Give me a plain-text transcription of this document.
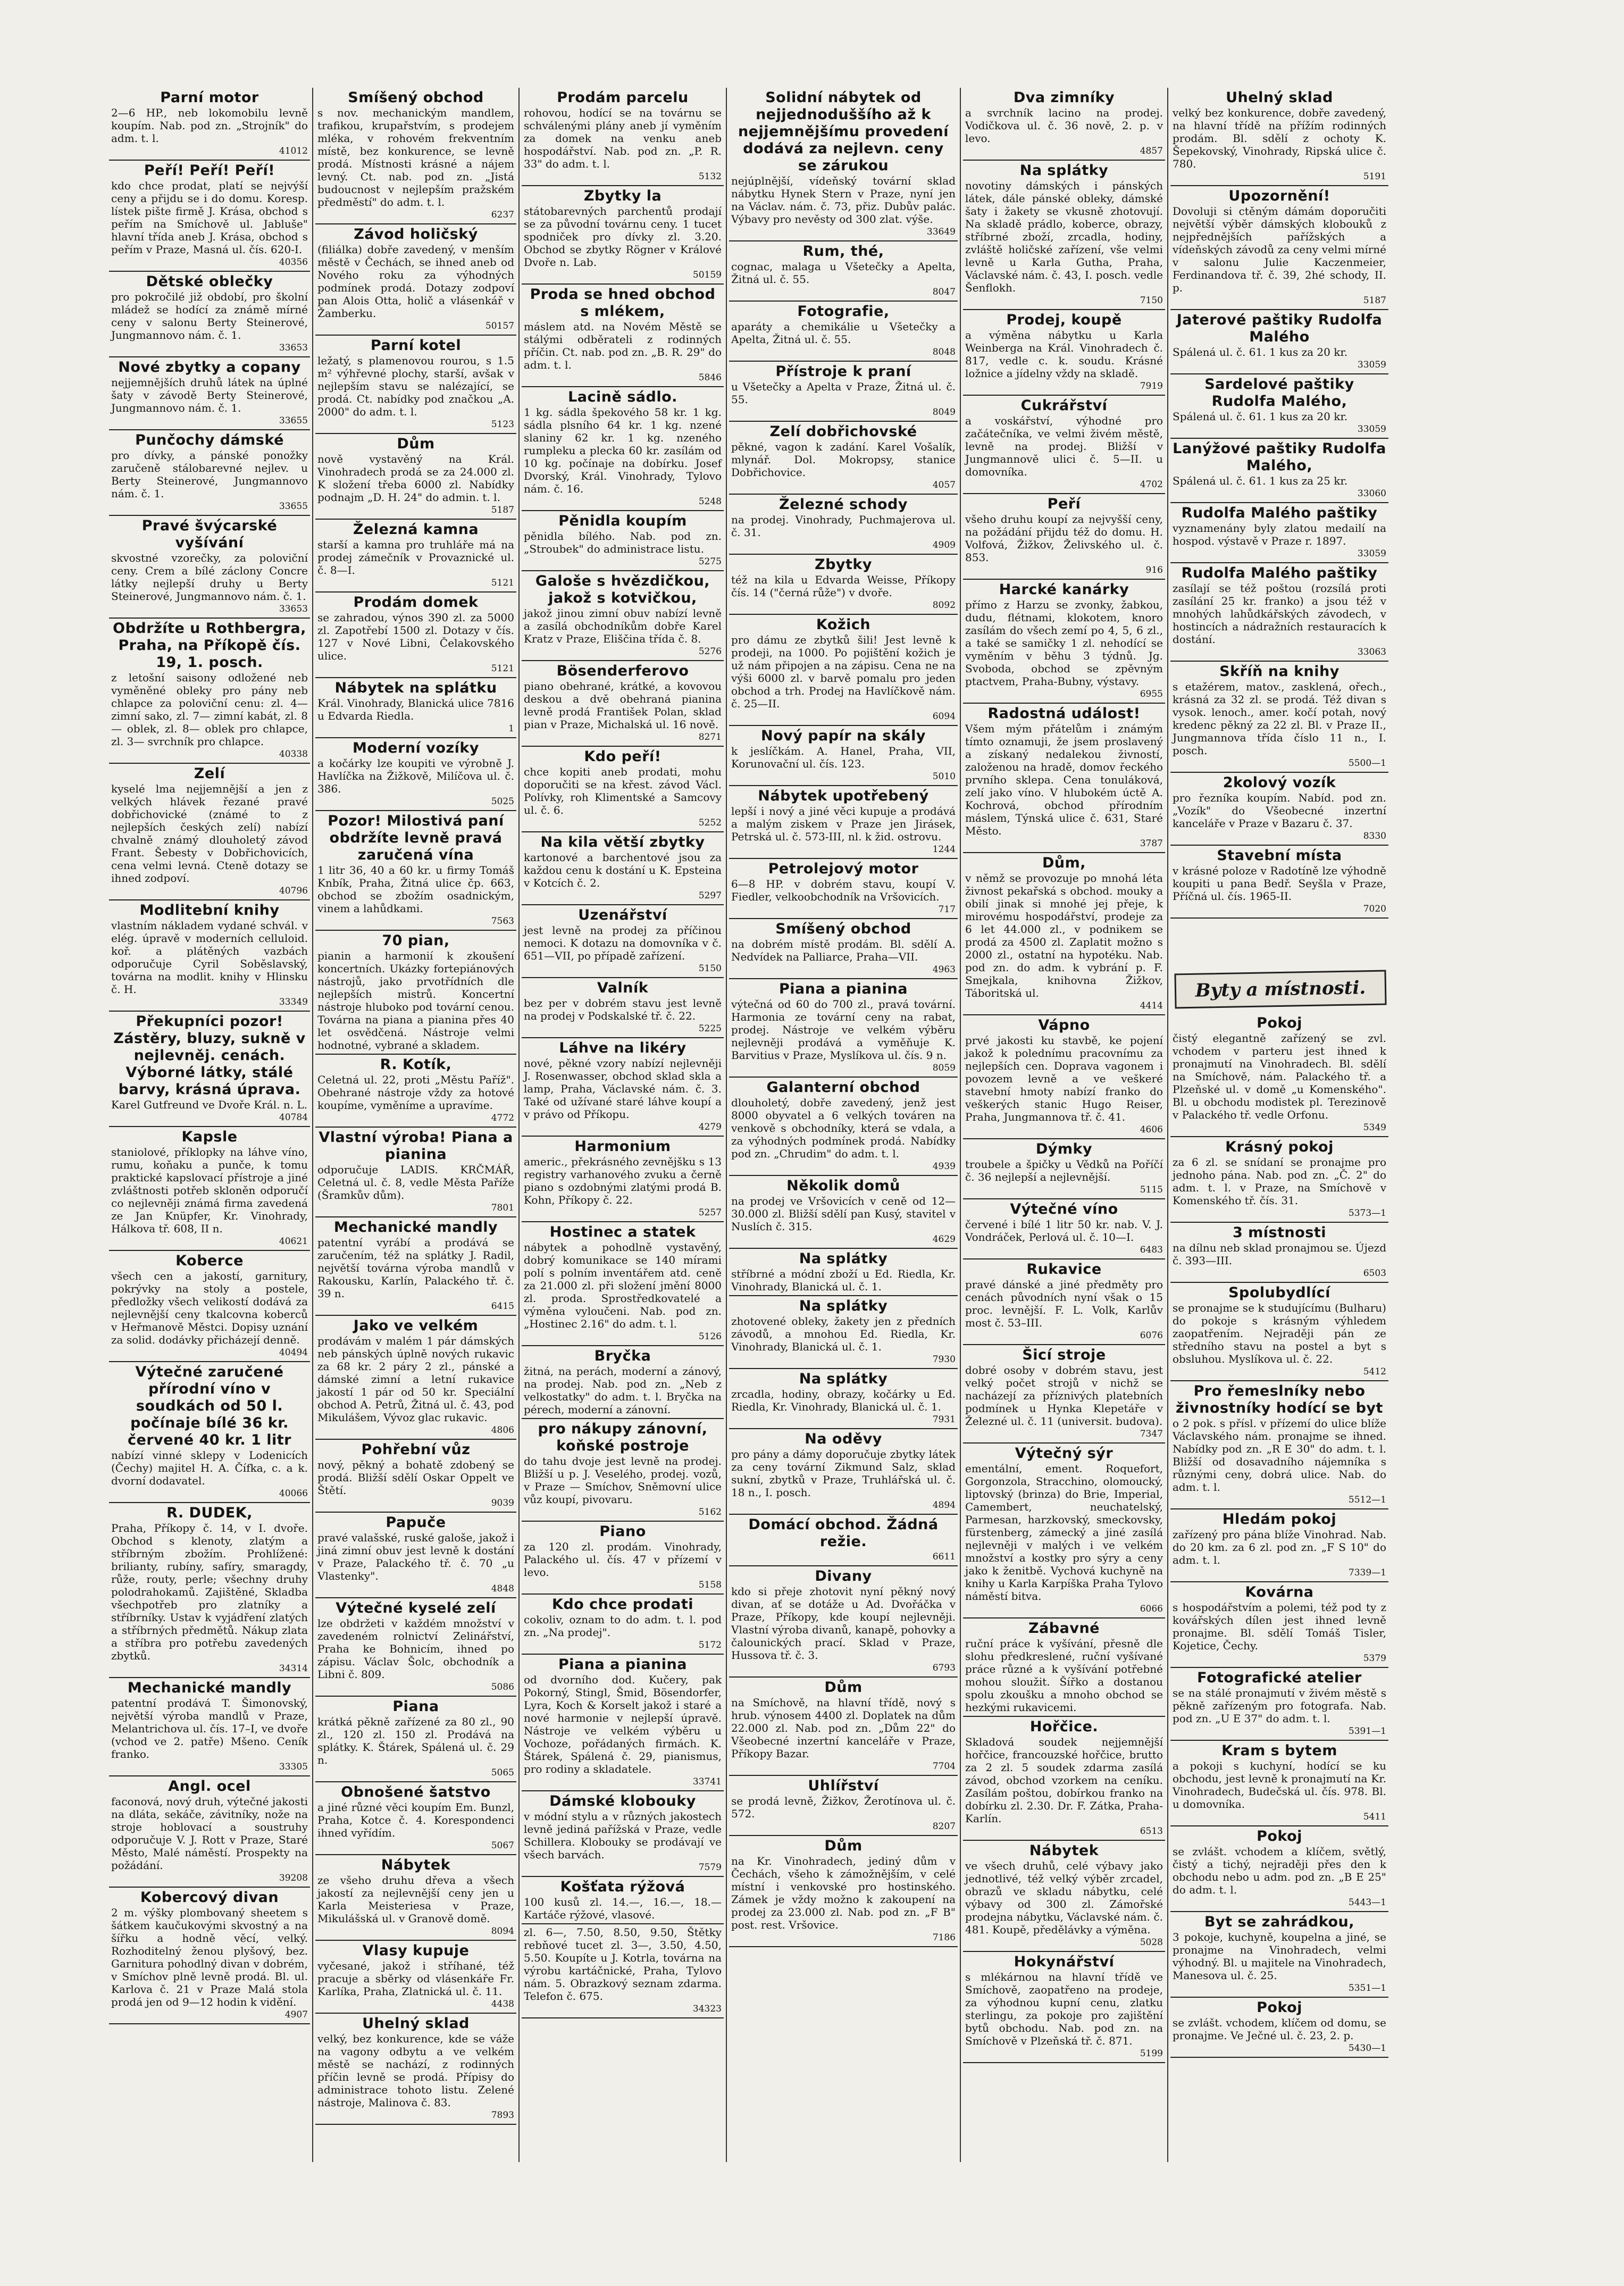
Parní motor

2—6 HP., neb lokomobilu levně koupím. Nab. pod zn. „Strojník" do adm. t. l.

41012
Peří! Peří! Peří!

kdo chce prodat, platí se nejvýší ceny a přijdu se i do domu. Koresp. lístek pište firmě J. Krása, obchod s peřím na Smíchově ul. Jabluše" hlavní třída aneb J. Krása, obchod s peřím v Praze, Masná ul. čís. 620-I.

40356
Dětské oblečky

pro pokročilé již období, pro školní mládež se hodící za známě mírné ceny v salonu Berty Steinerové, Jungmannovo nám. č. 1.

33653
Nové zbytky a copany

nejjemnějších druhů látek na úplné šaty v závodě Berty Steinerové, Jungmannovo nám. č. 1.

33655
Punčochy dámské

pro dívky, a pánské ponožky zaručeně stálobarevné nejlev. u Berty Steinerové, Jungmannovo nám. č. 1.

33655
Pravé švýcarské vyšívání

skvostné vzorečky, za poloviční ceny. Crem a bílé záclony Concre látky nejlepší druhy u Berty Steinerové, Jungmannovo nám. č. 1.

33653
Obdržíte u Rothbergra, Praha, na Příkopě čís. 19, 1. posch.

z letošní saisony odložené neb vyměněné obleky pro pány neb chlapce za poloviční cenu: zl. 4— zimní sako, zl. 7— zimní kabát, zl. 8— oblek, zl. 8— oblek pro chlapce, zl. 3— svrchník pro chlapce.

40338
Zelí

kyselé lma nejjemnější a jen z velkých hlávek řezané pravé dobřichovické (známé to z nejlepších českých zelí) nabízí chvalně známý dlouholetý závod Frant. Šebesty v Dobřichovicích, cena velmi levná. Cteně dotazy se ihned zodpoví.

40796
Modlitební knihy

vlastním nákladem vydané schvál. v elég. úpravě v moderních celluloid. koř. a plátěných vazbách odporučuje Cyril Soběslavský, továrna na modlit. knihy v Hlinsku č. H.

33349
Překupníci pozor! Zástěry, bluzy, sukně v nejlevněj. cenách. Výborné látky, stálé barvy, krásná úprava.

Karel Gutfreund ve Dvoře Král. n. L.

40784
Kapsle

staniolové, příklopky na láhve víno, rumu, koňaku a punče, k tomu praktické kapslovací přístroje a jiné zvláštnosti potřeb skloněn odporučí co nejlevněji známá firma zavedená ze Jan Knüpfer, Kr. Vinohrady, Hálkova tř. 608, II n.

40621
Koberce

všech cen a jakostí, garnitury, pokrývky na stoly a postele, předložky všech velikostí dodává za nejlevnější ceny tkalcovna koberců v Heřmanově Městci. Dopisy uznání za solid. dodávky přicházejí denně.

40494
Výtečné zaručené přírodní víno v soudkách od 50 l. počínaje bílé 36 kr. červené 40 kr. 1 litr

nabízí vinné sklepy v Lodenicích (Čechy) majitel H. A. Čífka, c. a k. dvorní dodavatel.

40066
R. DUDEK,

Praha, Příkopy č. 14, v I. dvoře. Obchod s klenoty, zlatým a stříbrným zbožím. Prohlížené: brilianty, rubíny, safíry, smaragdy, růže, routy, perle; všechny druhy polodrahokamů. Zajištěné, Skladba všechpotřeb pro zlatníky a stříbrníky. Ustav k vyjádření zlatých a stříbrných předmětů. Nákup zlata a stříbra pro potřebu zavedených zbytků.

34314
Mechanické mandly

patentní prodává T. Šimonovský, největší výroba mandlů v Praze, Melantrichova ul. čís. 17–I, ve dvoře (vchod ve 2. patře) Mšeno. Ceník franko.

33305
Angl. ocel

faconová, nový druh, výtečné jakosti na dláta, sekáče, závitníky, nože na stroje hoblovací a soustruhy odporučuje V. J. Rott v Praze, Staré Město, Malé náměstí. Prospekty na požádání.

39208
Kobercový divan

2 m. výšky plombovaný sheetem s šátkem kaučukovými skvostný a na šířku a hodně věcí, velký. Rozhoditelný ženou plyšový, bez. Garnitura pohodlný divan v dobrém, v Smíchov plně levně prodá. Bl. ul. Karlova č. 21 v Praze Malá stola prodá jen od 9—12 hodin k vidění.

4907
Smíšený obchod

s nov. mechanickým mandlem, trafikou, krupařstvím, s prodejem mléka, v rohovém frekventním místě, bez konkurence, se levně prodá. Místnosti krásné a nájem levný. Ct. nab. pod zn. „Jistá budoucnost v nejlepším pražském předměstí" do adm. t. l.

6237
Závod holičský

(filiálka) dobře zavedený, v menším městě v Čechách, se ihned aneb od Nového roku za výhodných podmínek prodá. Dotazy zodpoví pan Alois Otta, holič a vlásenkář v Žamberku.

50157
Parní kotel

ležatý, s plamenovou rourou, s 1.5 m² výhřevné plochy, starší, avšak v nejlepším stavu se nalézající, se prodá. Ct. nabídky pod značkou „A. 2000" do adm. t. l.

5123
Dům

nově vystavěný na Král. Vinohradech prodá se za 24.000 zl. K složení třeba 6000 zl. Nabídky podnajm „D. H. 24" do admin. t. l.

5187
Železná kamna

starší a kamna pro truhláře má na prodej zámečník v Provaznické ul. č. 8—I.

5121
Prodám domek

se zahradou, výnos 390 zl. za 5000 zl. Zapotřebí 1500 zl. Dotazy v čís. 127 v Nové Libni, Čelakovského ulice.

5121
Nábytek na splátku

Král. Vinohrady, Blanická ulice 7816 u Edvarda Riedla.

1
Moderní vozíky

a kočárky lze koupiti ve výrobně J. Havlíčka na Žižkově, Milíčova ul. č. 386.

5025
Pozor! Milostivá paní obdržíte levně pravá zaručená vína

1 litr 36, 40 a 60 kr. u firmy Tomáš Knbík, Praha, Žitná ulice čp. 663, obchod se zbožím osadnickým, vinem a lahůdkami.

7563
70 pian,

pianin a harmonií k zkoušení koncertních. Ukázky fortepiánových nástrojů, jako prvotřídních dle nejlepších mistrů. Koncertní nástroje hluboko pod tovární cenou. Továrna na piana a pianina přes 40 let osvědčená. Nástroje velmi hodnotné, vybrané a skladem.

R. Kotík,

Celetná ul. 22, proti „Městu Paříž". Obehrané nástroje vždy za hotové koupíme, vyměníme a upravíme.

4772
Vlastní výroba! Piana a pianina

odporučuje LADIS. KRČMÁŘ, Celetná ul. č. 8, vedle Města Paříže (Šramkův dům).

7801
Mechanické mandly

patentní vyrábí a prodává se zaručením, též na splátky J. Radil, největší továrna výroba mandlů v Rakousku, Karlín, Palackého tř. č. 39 n.

6415
Jako ve velkém

prodávám v malém 1 pár dámských neb pánských úplně nových rukavic za 68 kr. 2 páry 2 zl., pánské a dámské zimní a letní rukavice jakostí 1 pár od 50 kr. Speciální obchod A. Petrů, Žitná ul. č. 43, pod Mikulášem, Vývoz glac rukavic.

4806
Pohřební vůz

nový, pěkný a bohatě zdobený se prodá. Bližší sdělí Oskar Oppelt ve Štětí.

9039
Papuče

pravé valašské, ruské galoše, jakož i jiná zimní obuv jest levně k dostání v Praze, Palackého tř. č. 70 „u Vlastenky".

4848
Výtečné kyselé zelí

lze obdržeti v každém množství v zavedeném rolnictví Zelinářství, Praha ke Bohnicím, ihned po zápisu. Václav Šolc, obchodník a Libni č. 809.

5086
Piana

krátká pěkně zařízené za 80 zl., 90 zl., 120 zl. 150 zl. Prodává na splátky. K. Štárek, Spálená ul. č. 29 n.

5065
Obnošené šatstvo

a jiné různé věci koupím Em. Bunzl, Praha, Kotce č. 4. Korespondenci ihned vyřídím.

5067
Nábytek

ze všeho druhu dřeva a všech jakostí za nejlevnější ceny jen u Karla Meisteriesa v Praze, Mikulášská ul. v Granově domě.

8094
Vlasy kupuje

vyčesané, jakož i stříhané, též pracuje a sběrky od vlásenkáře Fr. Karlíka, Praha, Zlatnická ul. č. 11.

4438
Uhelný sklad

velký, bez konkurence, kde se váže na vagony odbytu a ve velkém městě se nachází, z rodinných příčin levně se prodá. Přípisy do administrace tohoto listu. Zelené nástroje, Malinova č. 83.

7893
Prodám parcelu

rohovou, hodící se na továrnu se schválenými plány aneb jí vyměním za domek na venku aneb hospodářství. Nab. pod zn. „P. R. 33" do adm. t. l.

5132
Zbytky la

státobarevných parchentů prodají se za původní továrnu ceny. 1 tucet spodniček pro dívky zl. 3.20. Obchod se zbytky Rögner v Králové Dvoře n. Lab.

50159
Proda se hned obchod s mlékem,

máslem atd. na Novém Městě se stálými odběrateli z rodinných příčin. Ct. nab. pod zn. „B. R. 29" do adm. t. l.

5846
Lacině sádlo.

1 kg. sádla špekového 58 kr. 1 kg. sádla plsního 64 kr. 1 kg. nzené slaniny 62 kr. 1 kg. nzeného rumpleku a plecka 60 kr. zasílám od 10 kg. počínaje na dobírku. Josef Dvorský, Král. Vinohrady, Tylovo nám. č. 16.

5248
Pěnidla koupím

pěnidla bílého. Nab. pod zn. „Stroubek" do administrace listu.

5275
Galoše s hvězdičkou, jakož s kotvičkou,

jakož jinou zimní obuv nabízí levně a zasílá obchodníkům dobře Karel Kratz v Praze, Eliščina třída č. 8.

5276
Bösenderferovo

piano obehrané, krátké, a kovovou deskou a dvě obehraná pianina levně prodá František Polan, sklad pian v Praze, Michalská ul. 16 nově.

8271
Kdo peří!

chce kopiti aneb prodati, mohu doporučiti se na křest. závod Václ. Polívky, roh Klimentské a Samcovy ul. č. 6.

5252
Na kila větší zbytky

kartonové a barchentové jsou za každou cenu k dostání u K. Epsteina v Kotcích č. 2.

5297
Uzenářství

jest levně na prodej za příčinou nemoci. K dotazu na domovníka v č. 651—VII, po případě zařízení.

5150
Valník

bez per v dobrém stavu jest levně na prodej v Podskalské tř. č. 22.

5225
Láhve na likéry

nové, pěkné vzory nabízí nejlevněji J. Rosenwasser, obchod sklad skla a lamp, Praha, Václavské nám. č. 3. Také od užívané staré láhve koupí a v právo od Příkopu.

4279
Harmonium

americ., překrásného zevnějšku s 13 registry varhanového zvuku a černě piano s ozdobnými zlatými prodá B. Kohn, Příkopy č. 22.

5257
Hostinec a statek

nábytek a pohodlně vystavěný, dobrý komunikace se 140 mírami polí s polním inventářem atd. ceně za 21.000 zl. při složení jmění 8000 zl. proda. Sprostředkovatelé a výměna vyloučeni. Nab. pod zn. „Hostinec 2.16" do adm. t. l.

5126
Bryčka

žitná, na perách, moderní a zánový, na prodej. Nab. pod zn. „Neb z velkostatky" do adm. t. l. Bryčka na pérech, moderní a zánovní.

pro nákupy zánovní, koňské postroje

do tahu dvoje jest levně na prodej. Bližší u p. J. Veselého, prodej. vozů, v Praze — Smíchov, Sněmovní ulice vůz koupí, pivovaru.

5162
Piano

za 120 zl. prodám. Vinohrady, Palackého ul. čís. 47 v přízemí v levo.

5158
Kdo chce prodati

cokoliv, oznam to do adm. t. l. pod zn. „Na prodej".

5172
Piana a pianina

od dvorního dod. Kučery, pak Pokorný, Stingl, Šmid, Bösendorfer, Lyra, Koch & Korselt jakož i staré a nové harmonie v nejlepší úpravě. Nástroje ve velkém výběru u Vochoze, pořádaných firmách. K. Štárek, Spálená č. 29, pianismus, pro rodiny a skladatele.

33741
Dámské klobouky

v módní stylu a v různých jakostech levně jediná pařížská v Praze, vedle Schillera. Klobouky se prodávají ve všech barvách.

7579
Košťata rýžová

100 kusů zl. 14.—, 16.—, 18.— Kartáče rýžové, vlasové.

zl. 6—, 7.50, 8.50, 9.50, Štětky rebňové tucet zl. 3—, 3.50, 4.50, 5.50. Koupíte u J. Kotrla, továrna na výrobu kartáčnické, Praha, Tylovo nám. 5. Obrazkový seznam zdarma. Telefon č. 675.

34323
Solidní nábytek od nejjednoduššího až k nejjemnějšímu provedení dodává za nejlevn. ceny se zárukou

nejúplnější, vídeňský tovární sklad nábytku Hynek Stern v Praze, nyní jen na Václav. nám. č. 73, přiz. Dubův palác. Výbavy pro nevěsty od 300 zlat. výše.

33649
Rum, thé,

cognac, malaga u Všetečky a Apelta, Žitná ul. č. 55.

8047
Fotografie,

aparáty a chemikálie u Všetečky a Apelta, Žitná ul. č. 55.

8048
Přístroje k praní

u Všetečky a Apelta v Praze, Žitná ul. č. 55.

8049
Zelí dobřichovské

pěkné, vagon k zadání. Karel Vošalík, mlynář. Dol. Mokropsy, stanice Dobřichovice.

4057
Železné schody

na prodej. Vinohrady, Puchmajerova ul. č. 31.

4909
Zbytky

též na kila u Edvarda Weisse, Příkopy čís. 14 ("černá růže") v dvoře.

8092
Kožich

pro dámu ze zbytků šili! Jest levně k prodeji, na 1000. Po pojištění kožich je už nám připojen a na zápisu. Cena ne na výši 6000 zl. v barvě pomalu pro jeden obchod a trh. Prodej na Havlíčkově nám. č. 25—II.

6094
Nový papír na skály

k jeslíčkám. A. Hanel, Praha, VII, Korunovační ul. čís. 123.

5010
Nábytek upotřebený

lepší i nový a jiné věci kupuje a prodává a malým ziskem v Praze jen Jirásek, Petrská ul. č. 573-III, nl. k žid. ostrovu.

1244
Petrolejový motor

6—8 HP. v dobrém stavu, koupí V. Fiedler, velkoobchodník na Vršovicích.

717
Smíšený obchod

na dobrém místě prodám. Bl. sdělí A. Nedvídek na Palliarce, Praha—VII.

4963
Piana a pianina

výtečná od 60 do 700 zl., pravá tovární. Harmonia ze tovární ceny na rabat, prodej. Nástroje ve velkém výběru nejlevněji prodává a vyměňuje K. Barvitius v Praze, Myslíkova ul. čís. 9 n.

8059
Galanterní obchod

dlouholetý, dobře zavedený, jenž jest 8000 obyvatel a 6 velkých továren na venkově s obchodníky, která se vdala, a za výhodných podmínek prodá. Nabídky pod zn. „Chrudim" do adm. t. l.

4939
Několik domů

na prodej ve Vršovicích v ceně od 12—30.000 zl. Bližší sdělí pan Kusý, stavitel v Nuslích č. 315.

4629
Na splátky

stříbrné a módní zboží u Ed. Riedla, Kr. Vinohrady, Blanická ul. č. 1.

Na splátky

zhotovené obleky, žakety jen z předních závodů, a mnohou Ed. Riedla, Kr. Vinohrady, Blanická ul. č. 1.

7930
Na splátky

zrcadla, hodiny, obrazy, kočárky u Ed. Riedla, Kr. Vinohrady, Blanická ul. č. 1.

7931
Na oděvy

pro pány a dámy doporučuje zbytky látek za ceny tovární Zikmund Salz, sklad sukní, zbytků v Praze, Truhlářská ul. č. 18 n., I. posch.

4894
Domácí obchod. Žádná režie.
6611
Divany

kdo si přeje zhotovit nyní pěkný nový divan, ať se dotáže u Ad. Dvořáčka v Praze, Příkopy, kde koupí nejlevněji. Vlastní výroba divanů, kanapě, pohovky a čalounických prací. Sklad v Praze, Hussova tř. č. 3.

6793
Dům

na Smíchově, na hlavní třídě, nový s hrub. výnosem 4400 zl. Doplatek na dům 22.000 zl. Nab. pod zn. „Dům 22" do Všeobecné inzertní kanceláře v Praze, Příkopy Bazar.

7704
Uhlířství

se prodá levně, Žižkov, Žerotínova ul. č. 572.

8207
Dům

na Kr. Vinohradech, jediný dům v Čechách, všeho k zámožnějším, v celé místní i venkovské pro hostinského. Zámek je vždy možno k zakoupení na prodej za 23.000 zl. Nab. pod zn. „F B" post. rest. Vršovice.

7186
Dva zimníky

a svrchník lacino na prodej. Vodičkova ul. č. 36 nově, 2. p. v levo.

4857
Na splátky

novotiny dámských i pánských látek, dále pánské obleky, dámské šaty i žakety se vkusně zhotovují. Na skladě prádlo, koberce, obrazy, stříbrné zboží, zrcadla, hodiny, zvláště holičské zařízení, vše velmi levně u Karla Gutha, Praha, Václavské nám. č. 43, I. posch. vedle Šenflokh.

7150
Prodej, koupě

a výměna nábytku u Karla Weinberga na Král. Vinohradech č. 817, vedle c. k. soudu. Krásné ložnice a jídelny vždy na skladě.

7919
Cukrářství

a voskářství, výhodné pro začátečníka, ve velmi živém městě, levně na prodej. Bližší v Jungmannově ulici č. 5—II. u domovníka.

4702
Peří

všeho druhu koupí za nejvyšší ceny, na požádání přijdu též do domu. H. Volfová, Žižkov, Želivského ul. č. 853.

916
Harcké kanárky

přímo z Harzu se zvonky, žabkou, dudu, flétnami, klokotem, knoro zasílám do všech zemí po 4, 5, 6 zl., a také se samičky 1 zl. nehodící se vyměním v běhu 3 týdnů. Jg. Svoboda, obchod se zpěvným ptactvem, Praha-Bubny, výstavy.

6955
Radostná událost!

Všem mým přátelům i známým tímto oznamuji, že jsem proslavený a získaný nedalekou živností, založenou na hradě, domov řeckého prvního sklepa. Cena tonuláková, zelí jako víno. V hlubokém úctě A. Kochrová, obchod přírodním máslem, Týnská ulice č. 631, Staré Město.

3787
Dům,

v němž se provozuje po mnohá léta živnost pekařská s obchod. mouky a obilí jinak si mnohé jej přeje, k mirovému hospodářství, prodeje za 6 let 44.000 zl., v podnikem se prodá za 4500 zl. Zaplatit možno s 2000 zl., ostatní na hypotéku. Nab. pod zn. do adm. k vybrání p. F. Smejkala, knihovna Žižkov, Táboritská ul.

4414
Vápno

prvé jakosti ku stavbě, ke pojení jakož k polednímu pracovnímu za nejlepších cen. Doprava vagonem i povozem levně a ve veškeré stavební hmoty nabízí franko do veškerých stanic Hugo Reiser, Praha, Jungmannova tř. č. 41.

4606
Dýmky

troubele a špičky u Vědků na Poříčí č. 36 nejlepší a nejlevnější.

5115
Výtečné víno

červené i bílé 1 litr 50 kr. nab. V. J. Vondráček, Perlová ul. č. 10—I.

6483
Rukavice

pravé dánské a jiné předměty pro cenách původních nyní však o 15 proc. levnější. F. L. Volk, Karlův most č. 53–III.

6076
Šicí stroje

dobré osoby v dobrém stavu, jest velký počet strojů v nichž se nacházejí za příznivých platebních podmínek u Hynka Klepetáře v Železné ul. č. 11 (universit. budova).

7347
Výtečný sýr

ementální, ement. Roquefort, Gorgonzola, Stracchino, olomoucký, liptovský (brinza) do Brie, Imperial, Camembert, neuchatelský, Parmesan, harzkovský, smeckovsky, fürstenberg, zámecký a jiné zasílá nejlevněji v malých i ve velkém množství a kostky pro sýry a ceny jako k ženitbě. Vychová kuchyně na knihy u Karla Karpíška Praha Tylovo náměstí bitva.

6066
Zábavné

ruční práce k vyšívání, přesně dle slohu předkreslené, ruční vyšívané práce různé a k vyšívání potřebné mohou sloužit. Šířko a dostanou spolu zkoušku a mnoho obchod se hezkými rukavicemi.

Hořčice.

Skladová soudek nejjemnější hořčice, francouzské hořčice, brutto za 2 zl. 5 soudek zdarma zasílá závod, obchod vzorkem na ceníku. Zasílám poštou, dobírkou franko na dobírku zl. 2.30. Dr. F. Zátka, Praha-Karlín.

6513
Nábytek

ve všech druhů, celé výbavy jako jednotlivé, též velký výběr zrcadel, obrazů ve skladu nábytku, celé výbavy od 300 zl. Zámořské prodejna nábytku, Václavské nám. č. 481. Koupě, předělávky a výměna.

5028
Hokynářství

s mlékárnou na hlavní třídě ve Smíchově, zaopatřeno na prodeje, za výhodnou kupní cenu, zlatku sterlingu, za pokoje pro zajištění bytů obchodu. Nab. pod zn. na Smíchově v Plzeňská tř. č. 871.

5199
Uhelný sklad

velký bez konkurence, dobře zavedený, na hlavní třídě na přížím rodinných prodám. Bl. sdělí z ochoty K. Šepekovský, Vinohrady, Ripská ulice č. 780.

5191
Upozornění!

Dovoluji si ctěným dámám doporučiti největší výběr dámských klobouků z nejpřednějších pařížských a vídeňských závodů za ceny velmi mírné v salonu Julie Kaczenmeier, Ferdinandova tř. č. 39, 2hé schody, II. p.

5187
Jaterové paštiky Rudolfa Malého

Spálená ul. č. 61. 1 kus za 20 kr.

33059
Sardelové paštiky Rudolfa Malého,

Spálená ul. č. 61. 1 kus za 20 kr.

33059
Lanýžové paštiky Rudolfa Malého,

Spálená ul. č. 61. 1 kus za 25 kr.

33060
Rudolfa Malého paštiky

vyznamenány byly zlatou medailí na hospod. výstavě v Praze r. 1897.

33059
Rudolfa Malého paštiky

zasílají se též poštou (rozsílá proti zasílání 25 kr. franko) a jsou též v mnohých lahůdkářských závodech, v hostincích a nádražních restauracích k dostání.

33063
Skříň na knihy

s etažérem, matov., zasklená, ořech., krásná za 32 zl. se prodá. Též divan s vysok. lenoch., amer. kočí potah, nový kredenc pěkný za 22 zl. Bl. v Praze II., Jungmannova třída číslo 11 n., I. posch.

5500—1
2kolový vozík

pro řezníka koupím. Nabíd. pod zn. „Vozík" do Všeobecné inzertní kanceláře v Praze v Bazaru č. 37.

8330
Stavební místa

v krásné poloze v Radotíně lze výhodně koupiti u pana Bedř. Seyšla v Praze, Příčná ul. čís. 1965-II.

7020
Byty a místnosti.
Pokoj

čistý elegantně zařízený se zvl. vchodem v parteru jest ihned k pronajmutí na Vinohradech. Bl. sdělí na Smíchově, nám. Palackého tř. a Plzeňské ul. v domě „u Komenského". Bl. u obchodu modistek pl. Terezinově v Palackého tř. vedle Orfonu.

5349
Krásný pokoj

za 6 zl. se snídaní se pronajme pro jednoho pána. Nab. pod zn. „Č. 2" do adm. t. l. v Praze, na Smíchově v Komenského tř. čís. 31.

5373—1
3 místnosti

na dílnu neb sklad pronajmou se. Újezd č. 393—III.

6503
Spolubydlící

se pronajme se k studujícímu (Bulharu) do pokoje s krásným výhledem zaopatřením. Nejraději pán ze středního stavu na postel a byt s obsluhou. Myslíkova ul. č. 22.

5412
Pro řemeslníky nebo živnostníky hodící se byt

o 2 pok. s přísl. v přízemí do ulice blíže Václavského nám. pronajme se ihned. Nabídky pod zn. „R E 30" do adm. t. l. Bližší od dosavadního nájemníka s různými ceny, dobrá ulice. Nab. do adm. t. l.

5512—1
Hledám pokoj

zařízený pro pána blíže Vinohrad. Nab. do 20 km. za 6 zl. pod zn. „F S 10" do adm. t. l.

7339—1
Kovárna

s hospodářstvím a polemi, též pod ty z kovářských dílen jest ihned levně pronajme. Bl. sdělí Tomáš Tisler, Kojetice, Čechy.

5379
Fotografické atelier

se na stálé pronajmutí v živém městě s pěkně zařízeným pro fotografa. Nab. pod zn. „U E 37" do adm. t. l.

5391—1
Kram s bytem

a pokoji s kuchyní, hodící se ku obchodu, jest levně k pronajmutí na Kr. Vinohradech, Budečská ul. čís. 978. Bl. u domovníka.

5411
Pokoj

se zvlášt. vchodem a klíčem, světlý, čistý a tichý, nejraději přes den k obchodu nebo u adm. pod zn. „B E 25" do adm. t. l.

5443—1
Byt se zahrádkou,

3 pokoje, kuchyně, koupelna a jiné, se pronajme na Vinohradech, velmi výhodný. Bl. u majitele na Vinohradech, Manesova ul. č. 25.

5351—1
Pokoj

se zvlášt. vchodem, klíčem od domu, se pronajme. Ve Ječné ul. č. 23, 2. p.

5430—1
